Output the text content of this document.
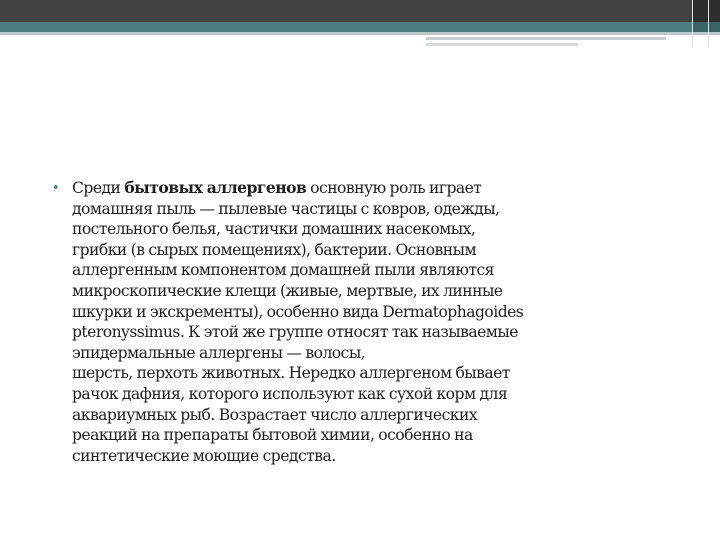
• Среди бытовых аллергенов основную роль играет
домашняя пыль — пылевые частицы с ковров, одежды,
постельного белья, частички домашних насекомых,
грибки (в сырых помещениях), бактерии. Основным
аллергенным компонентом домашней пыли являются
микроскопические клещи (живые, мертвые, их линные
шкурки и экскременты), особенно вида Dermatophagoides
pteronyssimus. К этой же группе относят так называемые
эпидермальные аллергены — волосы,
шерсть, перхоть животных. Нередко аллергеном бывает
рачок дафния, которого используют как сухой корм для
аквариумных рыб. Возрастает число аллергических
реакций на препараты бытовой химии, особенно на
синтетические моющие средства.
